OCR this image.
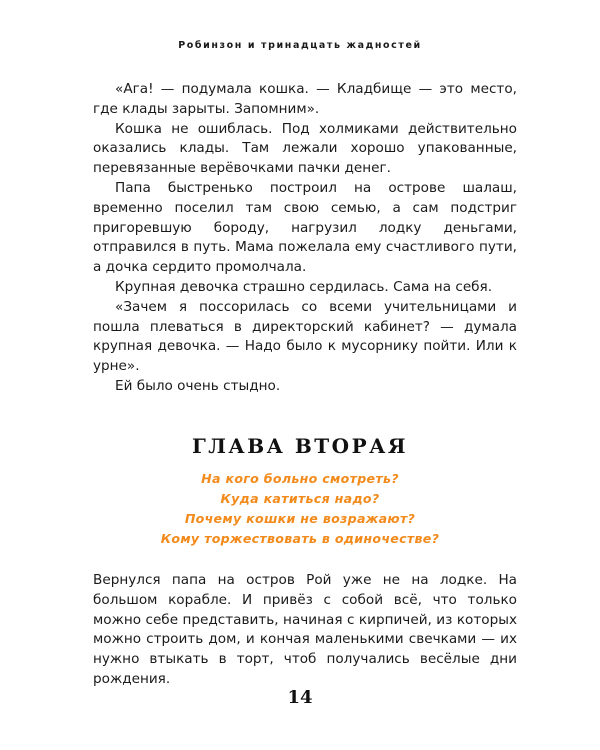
Робинзон и тринадцать жадностей

«Ага! — подумала кошка. — Кладбище — это место, где клады зарыты. Запомним».

Кошка не ошиблась. Под холмиками действительно оказались клады. Там лежали хорошо упакованные, перевязанные верёвочками пачки денег.

Папа быстренько построил на острове шалаш, временно поселил там свою семью, а сам подстриг пригоревшую бороду, нагрузил лодку деньгами, отправился в путь. Мама пожелала ему счастливого пути, а дочка сердито промолчала.

Крупная девочка страшно сердилась. Сама на себя.

«Зачем я поссорилась со всеми учительницами и пошла плеваться в директорский кабинет? — думала крупная девочка. — Надо было к мусорнику пойти. Или к урне».

Ей было очень стыдно.

ГЛАВА ВТОРАЯ
На кого больно смотреть?
Куда катиться надо?
Почему кошки не возражают?
Кому торжествовать в одиночестве?

Вернулся папа на остров Рой уже не на лодке. На большом корабле. И привёз с собой всё, что только можно себе представить, начиная с кирпичей, из которых можно строить дом, и кончая маленькими свечками — их нужно втыкать в торт, чтоб получались весёлые дни рождения.

14
